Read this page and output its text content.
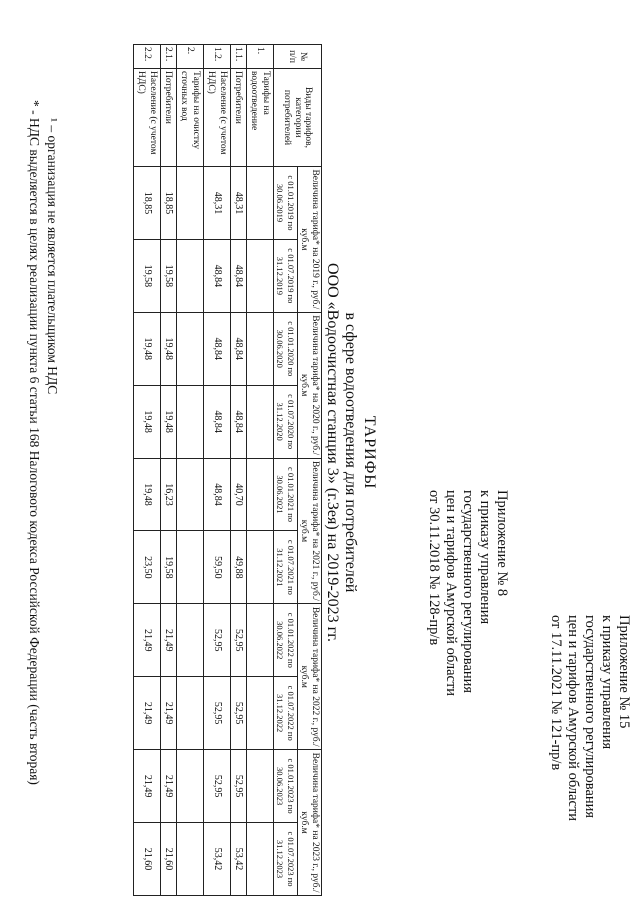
Приложение № 15
к приказу управления
государственного регулирования
цен и тарифов Амурской области
от 17.11.2021 № 121-пр/в
Приложение № 8
к приказу управления
государственного регулирования
цен и тарифов Амурской области
от 30.11.2018 № 128-пр/в
ТАРИФЫ
в сфере водоотведения для потребителей
ООО «Водоочистная станция 3» (г.Зея) на 2019-2023 гг.
№ п/п	Виды тарифов, категории потребителей	Величина тарифа* на 2019 г., руб./куб.м		Величина тарифа* на 2020 г., руб./куб.м		Величина тарифа* на 2021 г., руб./куб.м		Величина тарифа* на 2022 г., руб./куб.м		Величина тарифа* на 2023 г., руб./куб.м	
		с 01.01.2019 по 30.06.2019	с 01.07.2019 по 31.12.2019	с 01.01.2020 по 30.06.2020	с 01.07.2020 по 31.12.2020	с 01.01.2021 по 30.06.2021	с 01.07.2021 по 31.12.2021	с 01.01.2022 по 30.06.2022	с 01.07.2022 по 31.12.2022	с 01.01.2023 по 30.06.2023	с 01.07.2023 по 31.12.2023
1.	Тарифы на водоотведение										
1.1.	Потребители	48,31	48,84	48,84	48,84	40,70	49,88	52,95	52,95	52,95	53,42
1.2.	Население (с учетом НДС)	48,31	48,84	48,84	48,84	48,84	59,50	52,95	52,95	52,95	53,42
2.	Тарифы на очистку сточных вод										
2.1.	Потребители	18,85	19,58	19,48	19,48	16,23	19,58	21,49	21,49	21,49	21,60
2.2.	Население (с учетом НДС)	18,85	19,58	19,48	19,48	19,48	23,50	21,49	21,49	21,49	21,60
¹ – организация не является плательщиком НДС
* - НДС выделяется в целях реализации пункта 6 статьи 168 Налогового кодекса Российской Федерации (часть вторая)
